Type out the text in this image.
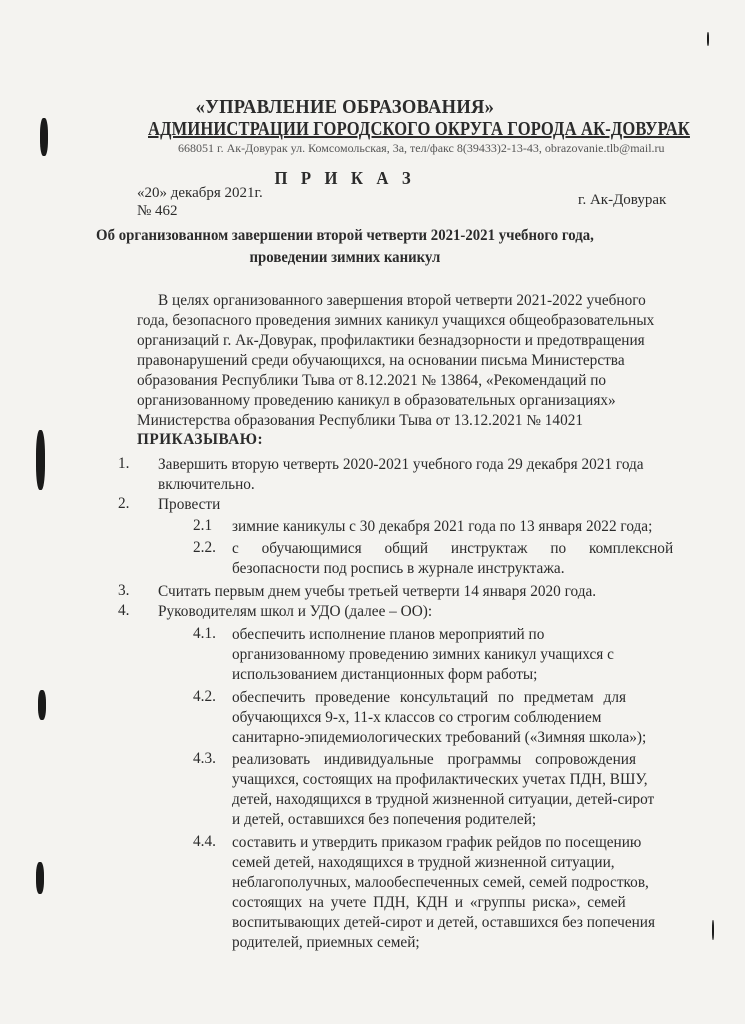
«УПРАВЛЕНИЕ ОБРАЗОВАНИЯ»
АДМИНИСТРАЦИИ ГОРОДСКОГО ОКРУГА ГОРОДА АК-ДОВУРАК
668051 г. Ак-Довурак ул. Комсомольская, 3а, тел/факс 8(39433)2-13-43, obrazovanie.tlb@mail.ru
П Р И К А З
«20» декабря 2021г.	г. Ак-Довурак
№ 462
Об организованном завершении второй четверти 2021-2021 учебного года,
проведении зимних каникул
В целях организованного завершения второй четверти 2021-2022 учебного
года, безопасного проведения зимних каникул учащихся общеобразовательных
организаций г. Ак-Довурак, профилактики безнадзорности и предотвращения
правонарушений среди обучающихся, на основании письма Министерства
образования Республики Тыва от 8.12.2021 № 13864, «Рекомендаций по
организованному проведению каникул в образовательных организациях»
Министерства образования Республики Тыва от 13.12.2021 № 14021
ПРИКАЗЫВАЮ:
1. Завершить вторую четверть 2020-2021 учебного года 29 декабря 2021 года
включительно.
2. Провести
2.1 зимние каникулы с 30 декабря 2021 года по 13 января 2022 года;
2.2. с обучающимися общий инструктаж по комплексной
безопасности под роспись в журнале инструктажа.
3. Считать первым днем учебы третьей четверти 14 января 2020 года.
4. Руководителям школ и УДО (далее – ОО):
4.1. обеспечить исполнение планов мероприятий по
организованному проведению зимних каникул учащихся с
использованием дистанционных форм работы;
4.2. обеспечить проведение консультаций по предметам для
обучающихся 9-х, 11-х классов со строгим соблюдением
санитарно-эпидемиологических требований («Зимняя школа»);
4.3. реализовать индивидуальные программы сопровождения
учащихся, состоящих на профилактических учетах ПДН, ВШУ,
детей, находящихся в трудной жизненной ситуации, детей-сирот
и детей, оставшихся без попечения родителей;
4.4. составить и утвердить приказом график рейдов по посещению
семей детей, находящихся в трудной жизненной ситуации,
неблагополучных, малообеспеченных семей, семей подростков,
состоящих на учете ПДН, КДН и «группы риска», семей
воспитывающих детей-сирот и детей, оставшихся без попечения
родителей, приемных семей;
